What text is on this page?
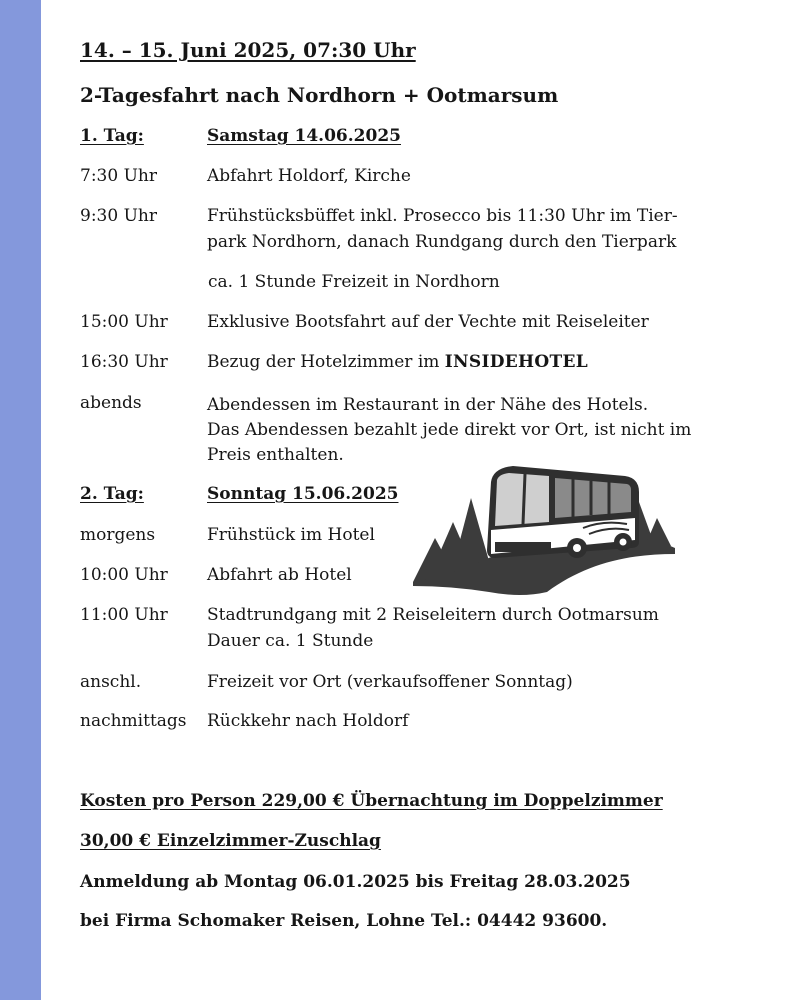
14. – 15. Juni 2025, 07:30 Uhr
2-Tagesfahrt nach Nordhorn + Ootmarsum
1. Tag:	Samstag 14.06.2025
7:30 Uhr	Abfahrt Holdorf, Kirche
9:30 Uhr	Frühstücksbüffet inkl. Prosecco bis 11:30 Uhr im Tier-
park Nordhorn, danach Rundgang durch den Tierpark
ca. 1 Stunde Freizeit in Nordhorn
15:00 Uhr Exklusive Bootsfahrt auf der Vechte mit Reiseleiter
16:30 Uhr Bezug der Hotelzimmer im INSIDEHOTEL
abends	Abendessen im Restaurant in der Nähe des Hotels.
Das Abendessen bezahlt jede direkt vor Ort, ist nicht im
Preis enthalten.
2. Tag:	Sonntag 15.06.2025
morgens	Frühstück im Hotel
10:00 Uhr Abfahrt ab Hotel
11:00 Uhr Stadtrundgang mit 2 Reiseleitern durch Ootmarsum
Dauer ca. 1 Stunde
anschl.	Freizeit vor Ort (verkaufsoffener Sonntag)
nachmittags Rückkehr nach Holdorf
Kosten pro Person 229,00 € Übernachtung im Doppelzimmer
30,00 € Einzelzimmer-Zuschlag
Anmeldung ab Montag 06.01.2025 bis Freitag 28.03.2025
bei Firma Schomaker Reisen, Lohne Tel.: 04442 93600.
